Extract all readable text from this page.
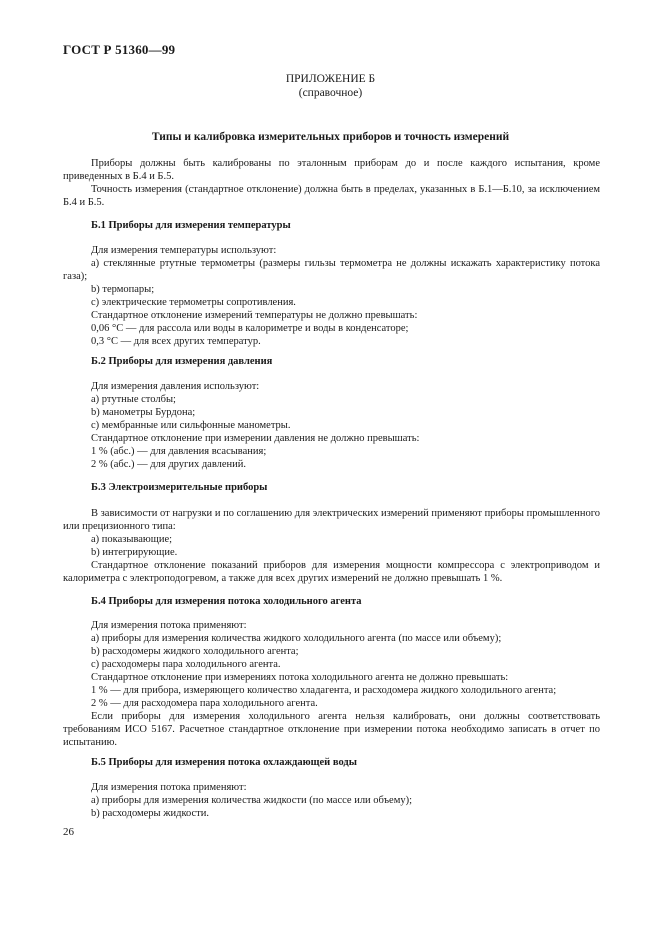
ГОСТ Р 51360—99
ПРИЛОЖЕНИЕ Б
(справочное)
Типы и калибровка измерительных приборов и точность измерений

Приборы должны быть калиброваны по эталонным приборам до и после каждого испытания, кроме приведенных в Б.4 и Б.5.

Точность измерения (стандартное отклонение) должна быть в пределах, указанных в Б.1—Б.10, за исключением Б.4 и Б.5.

Б.1 Приборы для измерения температуры

Для измерения температуры используют:

а) стеклянные ртутные термометры (размеры гильзы термометра не должны искажать характеристику потока газа);

b) термопары;

с) электрические термометры сопротивления.

Стандартное отклонение измерений температуры не должно превышать:

0,06 °С — для рассола или воды в калориметре и воды в конденсаторе;

0,3 °С — для всех других температур.

Б.2 Приборы для измерения давления

Для измерения давления используют:

а) ртутные столбы;

b) манометры Бурдона;

с) мембранные или сильфонные манометры.

Стандартное отклонение при измерении давления не должно превышать:

1 % (абс.) — для давления всасывания;

2 % (абс.) — для других давлений.

Б.3 Электроизмерительные приборы

В зависимости от нагрузки и по соглашению для электрических измерений применяют приборы промышленного или прецизионного типа:

а) показывающие;

b) интегрирующие.

Стандартное отклонение показаний приборов для измерения мощности компрессора с электроприводом и калориметра с электроподогревом, а также для всех других измерений не должно превышать 1 %.

Б.4 Приборы для измерения потока холодильного агента

Для измерения потока применяют:

а) приборы для измерения количества жидкого холодильного агента (по массе или объему);

b) расходомеры жидкого холодильного агента;

с) расходомеры пара холодильного агента.

Стандартное отклонение при измерениях потока холодильного агента не должно превышать:

1 % — для прибора, измеряющего количество хладагента, и расходомера жидкого холодильного агента;

2 % — для расходомера пара холодильного агента.

Если приборы для измерения холодильного агента нельзя калибровать, они должны соответствовать требованиям ИСО 5167. Расчетное стандартное отклонение при измерении потока необходимо записать в отчет по испытанию.

Б.5 Приборы для измерения потока охлаждающей воды

Для измерения потока применяют:

а) приборы для измерения количества жидкости (по массе или объему);

b) расходомеры жидкости.

26
